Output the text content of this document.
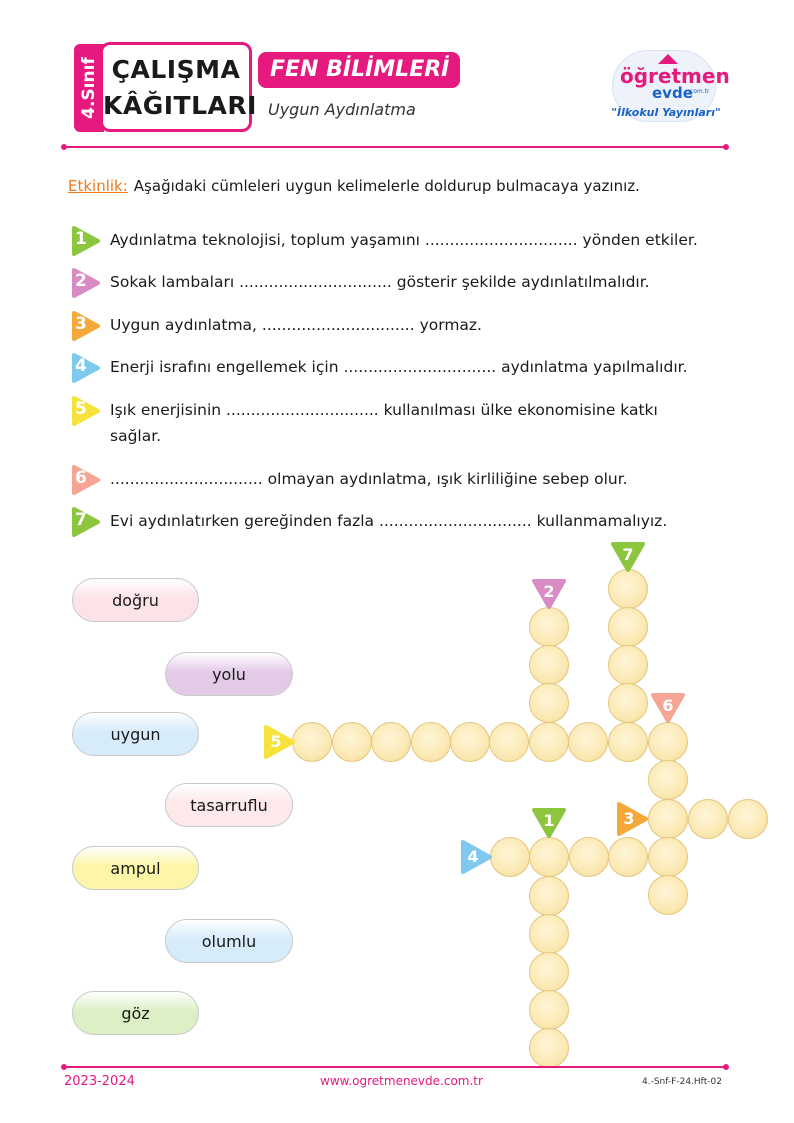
4.Sınıf ÇALIŞMA
KÂĞITLARI
FEN BİLİMLERİ
Uygun Aydınlatma
öğretmen
evde
.com.tr
"İlkokul Yayınları"
Etkinlik: Aşağıdaki cümleleri uygun kelimelerle doldurup bulmacaya yazınız.
1 Aydınlatma teknolojisi, toplum yaşamını ............................... yönden etkiler.
2 Sokak lambaları ............................... gösterir şekilde aydınlatılmalıdır.
3 Uygun aydınlatma, ............................... yormaz.
4 Enerji israfını engellemek için ............................... aydınlatma yapılmalıdır.
5 Işık enerjisinin ............................... kullanılması ülke ekonomisine katkı sağlar.
6 ............................... olmayan aydınlatma, ışık kirliliğine sebep olur.
7 Evi aydınlatırken gereğinden fazla ............................... kullanmamalıyız.
doğru
yolu
uygun
tasarruflu
ampul
olumlu
göz
1
2
3
4
5
6
7
2023-2024	www.ogretmenevde.com.tr	4.-Snf-F-24.Hft-02
